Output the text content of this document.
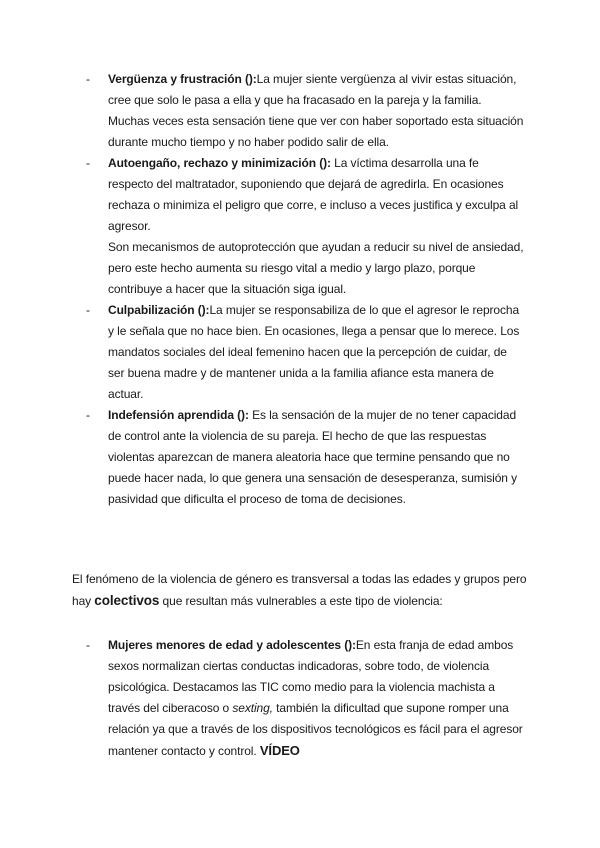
- Vergüenza y frustración ():La mujer siente vergüenza al vivir estas situación, cree que solo le pasa a ella y que ha fracasado en la pareja y la familia. Muchas veces esta sensación tiene que ver con haber soportado esta situación durante mucho tiempo y no haber podido salir de ella.
- Autoengaño, rechazo y minimización (): La víctima desarrolla una fe respecto del maltratador, suponiendo que dejará de agredirla. En ocasiones rechaza o minimiza el peligro que corre, e incluso a veces justifica y exculpa al agresor.
Son mecanismos de autoprotección que ayudan a reducir su nivel de ansiedad, pero este hecho aumenta su riesgo vital a medio y largo plazo, porque contribuye a hacer que la situación siga igual.
- Culpabilización ():La mujer se responsabiliza de lo que el agresor le reprocha y le señala que no hace bien. En ocasiones, llega a pensar que lo merece. Los mandatos sociales del ideal femenino hacen que la percepción de cuidar, de ser buena madre y de mantener unida a la familia afiance esta manera de actuar.
- Indefensión aprendida (): Es la sensación de la mujer de no tener capacidad de control ante la violencia de su pareja. El hecho de que las respuestas violentas aparezcan de manera aleatoria hace que termine pensando que no puede hacer nada, lo que genera una sensación de desesperanza, sumisión y pasividad que dificulta el proceso de toma de decisiones.
El fenómeno de la violencia de género es transversal a todas las edades y grupos pero hay colectivos que resultan más vulnerables a este tipo de violencia:
- Mujeres menores de edad y adolescentes ():En esta franja de edad ambos sexos normalizan ciertas conductas indicadoras, sobre todo, de violencia psicológica. Destacamos las TIC como medio para la violencia machista a través del ciberacoso o sexting, también la dificultad que supone romper una relación ya que a través de los dispositivos tecnológicos es fácil para el agresor mantener contacto y control. VÍDEO
